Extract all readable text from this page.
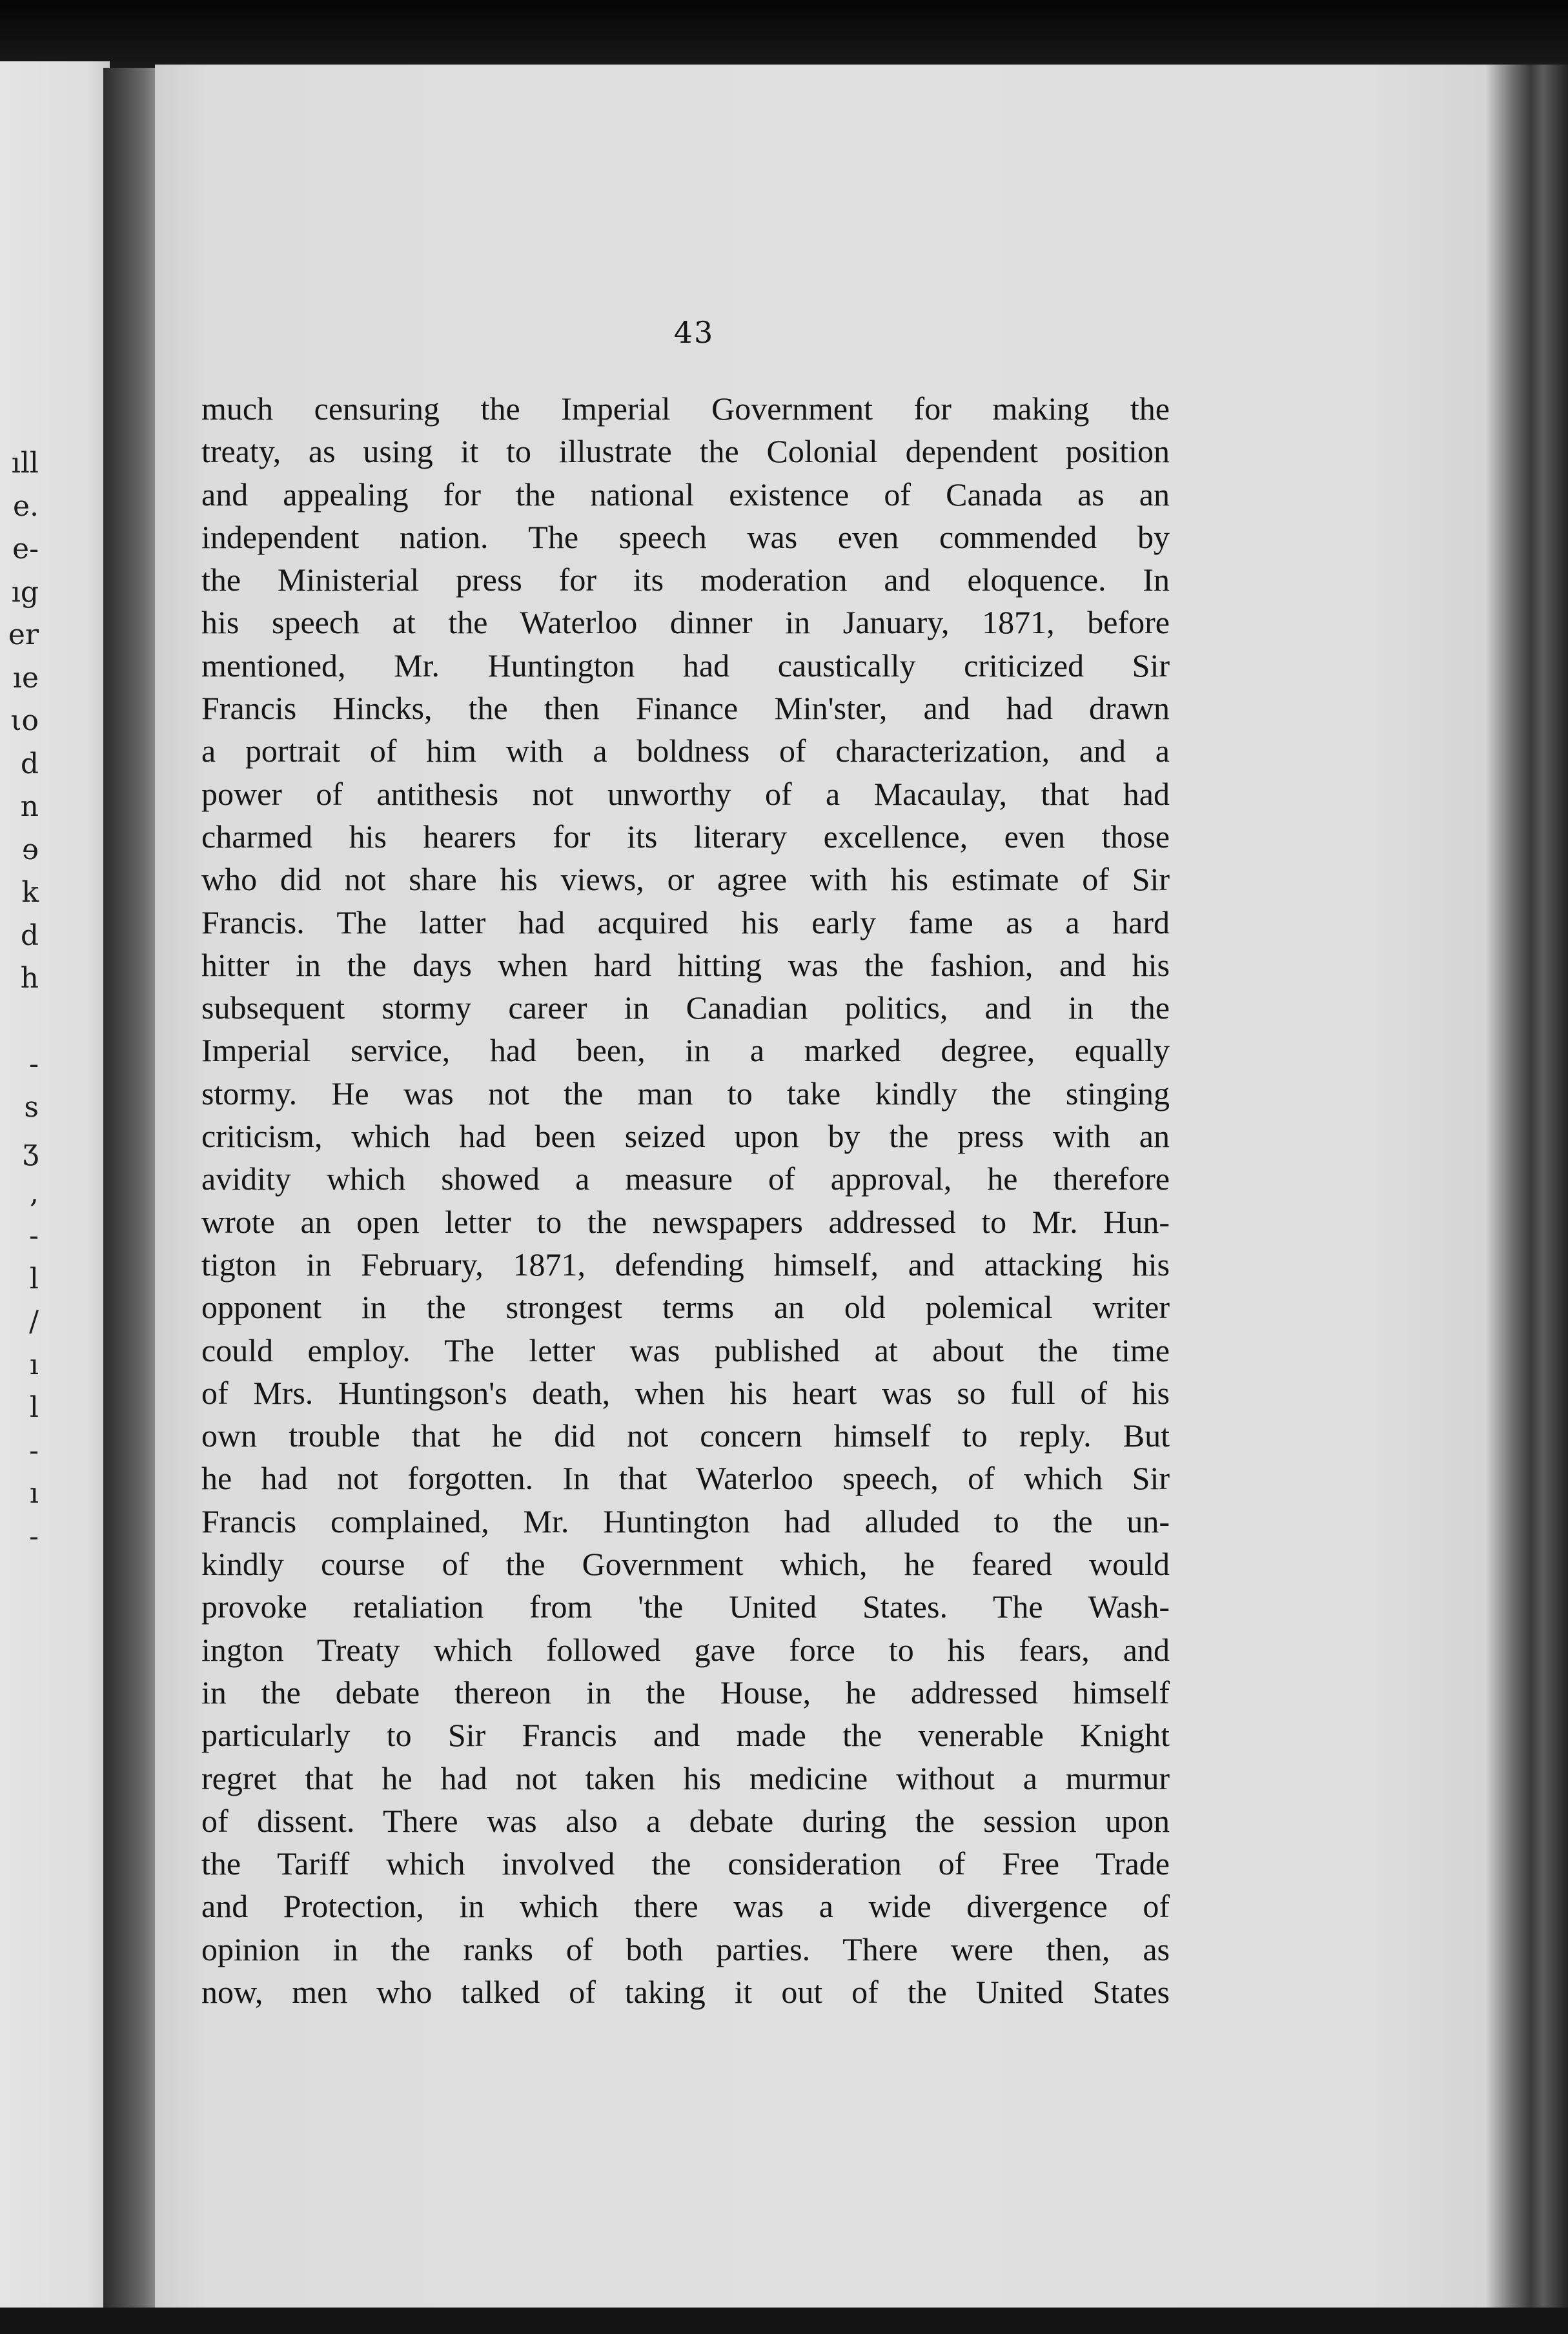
ıll
e.
e-
ıg
er
ıe
ιo
d
n
ɘ
k
d
h
-
s
ʒ
,
-
l
/
ı
l
-
ı
-
43
much censuring the Imperial Government for making the
treaty, as using it to illustrate the Colonial dependent position
and appealing for the national existence of Canada as an
independent nation. The speech was even commended by
the Ministerial press for its moderation and eloquence. In
his speech at the Waterloo dinner in January, 1871, before
mentioned, Mr. Huntington had caustically criticized Sir
Francis Hincks, the then Finance Min'ster, and had drawn
a portrait of him with a boldness of characterization, and a
power of antithesis not unworthy of a Macaulay, that had
charmed his hearers for its literary excellence, even those
who did not share his views, or agree with his estimate of Sir
Francis. The latter had acquired his early fame as a hard
hitter in the days when hard hitting was the fashion, and his
subsequent stormy career in Canadian politics, and in the
Imperial service, had been, in a marked degree, equally
stormy. He was not the man to take kindly the stinging
criticism, which had been seized upon by the press with an
avidity which showed a measure of approval, he therefore
wrote an open letter to the newspapers addressed to Mr. Hun-
tigton in February, 1871, defending himself, and attacking his
opponent in the strongest terms an old polemical writer
could employ. The letter was published at about the time
of Mrs. Huntingson's death, when his heart was so full of his
own trouble that he did not concern himself to reply. But
he had not forgotten. In that Waterloo speech, of which Sir
Francis complained, Mr. Huntington had alluded to the un-
kindly course of the Government which, he feared would
provoke retaliation from 'the United States. The Wash-
ington Treaty which followed gave force to his fears, and
in the debate thereon in the House, he addressed himself
particularly to Sir Francis and made the venerable Knight
regret that he had not taken his medicine without a murmur
of dissent. There was also a debate during the session upon
the Tariff which involved the consideration of Free Trade
and Protection, in which there was a wide divergence of
opinion in the ranks of both parties. There were then, as
now, men who talked of taking it out of the United States
